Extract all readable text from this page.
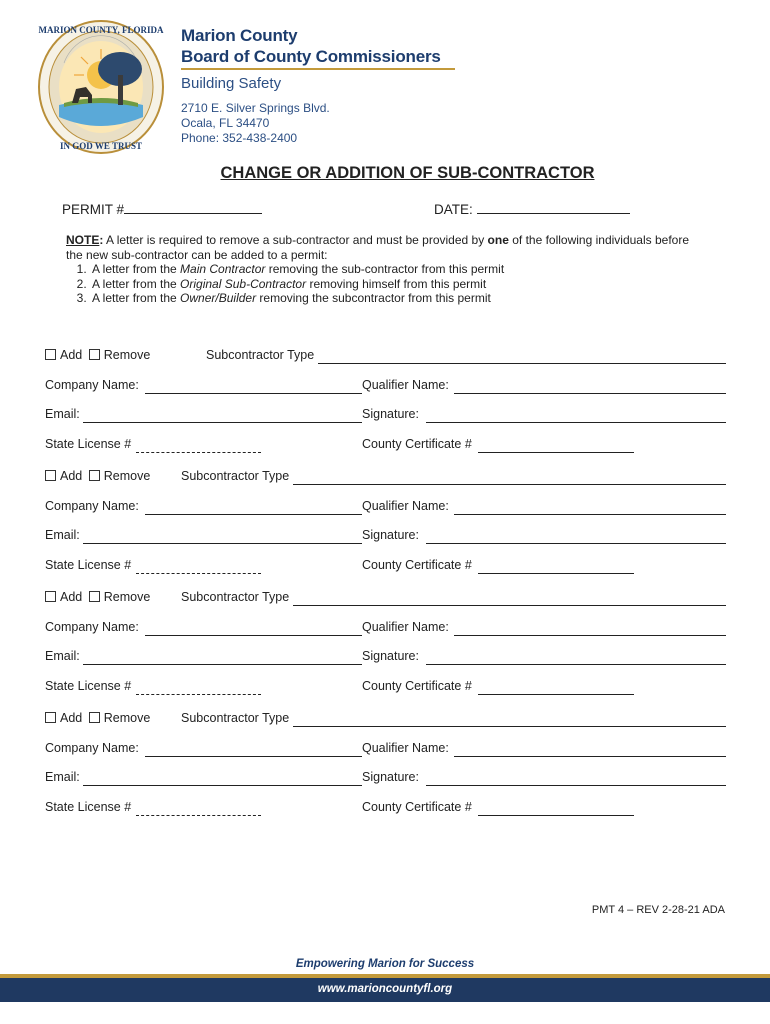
MARION COUNTY, FLORIDA
IN GOD WE TRUST
Marion County
Board of County Commissioners
Building Safety
2710 E. Silver Springs Blvd.
Ocala, FL 34470
Phone: 352-438-2400
CHANGE OR ADDITION OF SUB-CONTRACTOR
PERMIT #	DATE:
NOTE: A letter is required to remove a sub-contractor and must be provided by one of the following individuals before the new sub-contractor can be added to a permit:
1. A letter from the Main Contractor removing the sub-contractor from this permit
2. A letter from the Original Sub-Contractor removing himself from this permit
3. A letter from the Owner/Builder removing the subcontractor from this permit
Add Remove	Subcontractor Type
Company Name:	Qualifier Name:
Email:	Signature:
State License #	County Certificate #
Add Remove Subcontractor Type
Company Name:	Qualifier Name:
Email:	Signature:
State License #	County Certificate #
Add Remove Subcontractor Type
Company Name:	Qualifier Name:
Email:	Signature:
State License #	County Certificate #
Add Remove Subcontractor Type
Company Name:	Qualifier Name:
Email:	Signature:
State License #	County Certificate #
PMT 4 – REV 2-28-21 ADA
Empowering Marion for Success
www.marioncountyfl.org
